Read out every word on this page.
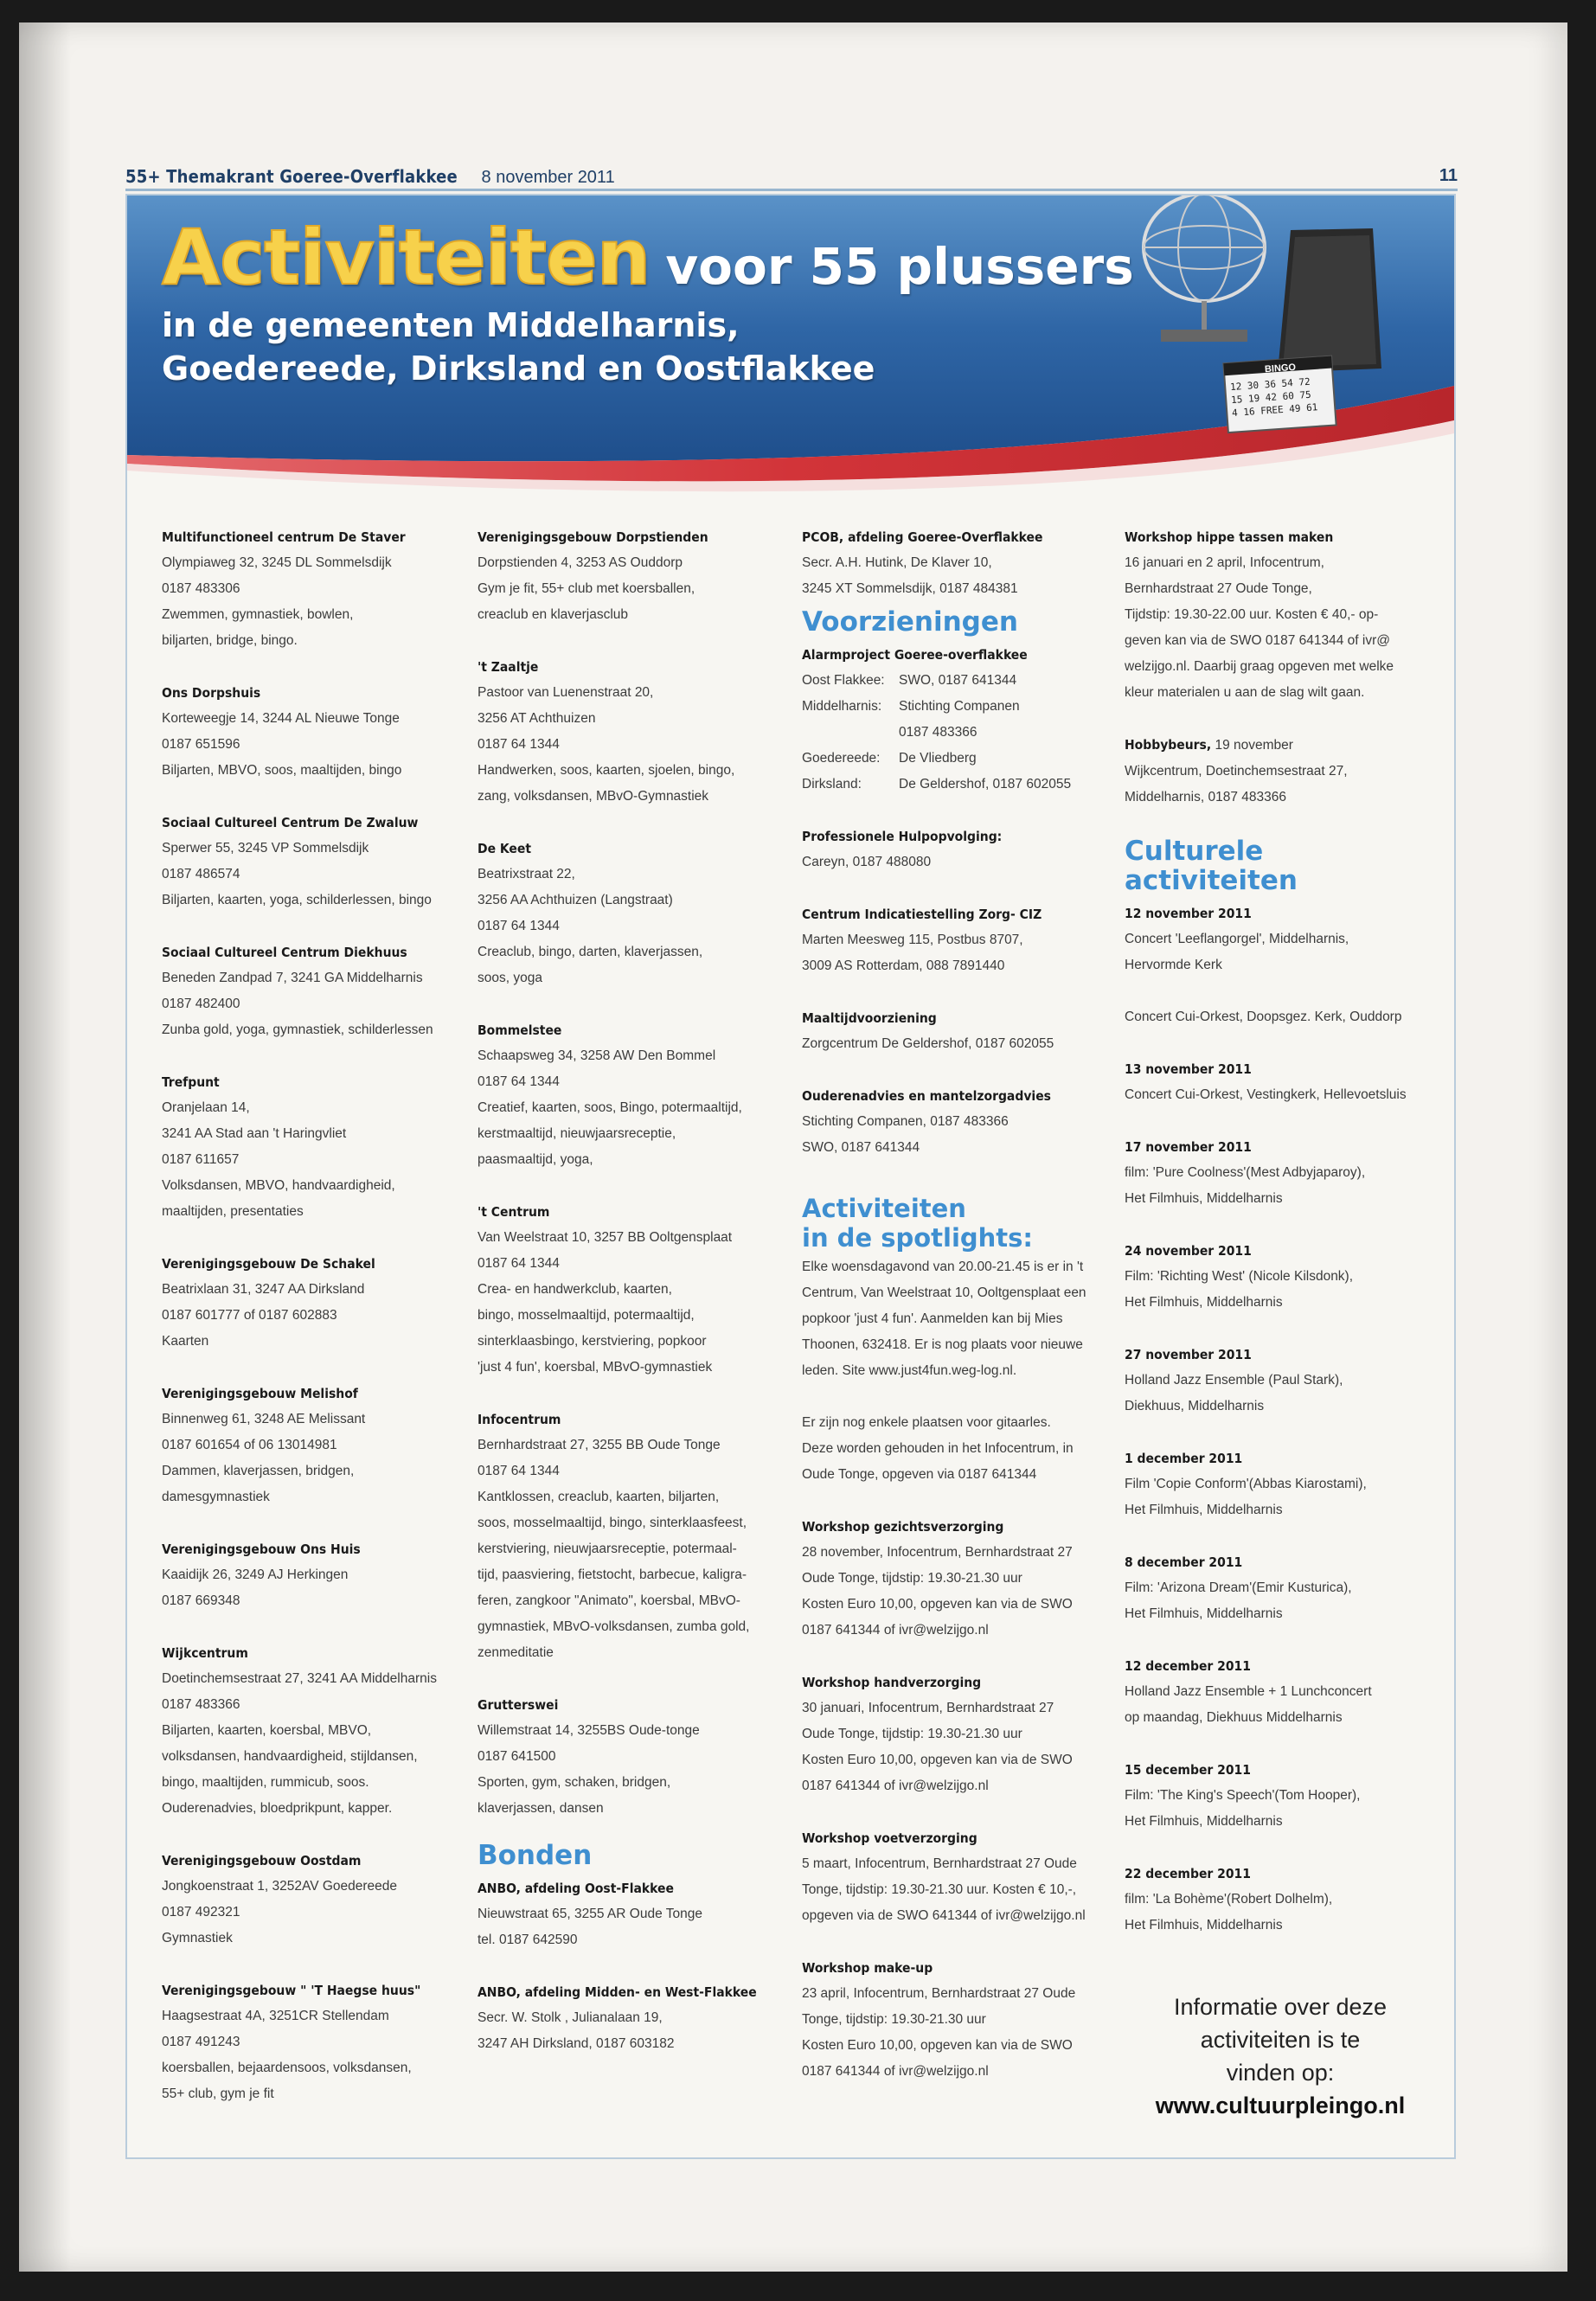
55+ Themakrant Goeree-Overflakkee 8 november 2011	11
Activiteiten voor 55 plussers
in de gemeenten Middelharnis,
Goedereede, Dirksland en Oostflakkee	BINGO
12 30 36 54 72
15 19 42 60 75
4 16 FREE 49 61
Multifunctioneel centrum De Staver
Olympiaweg 32, 3245 DL Sommelsdijk
0187 483306
Zwemmen, gymnastiek, bowlen,
biljarten, bridge, bingo.
Ons Dorpshuis
Korteweegje 14, 3244 AL Nieuwe Tonge
0187 651596
Biljarten, MBVO, soos, maaltijden, bingo
Sociaal Cultureel Centrum De Zwaluw
Sperwer 55, 3245 VP Sommelsdijk
0187 486574
Biljarten, kaarten, yoga, schilderlessen, bingo
Sociaal Cultureel Centrum Diekhuus
Beneden Zandpad 7, 3241 GA Middelharnis
0187 482400
Zunba gold, yoga, gymnastiek, schilderlessen
Trefpunt
Oranjelaan 14,
3241 AA Stad aan 't Haringvliet
0187 611657
Volksdansen, MBVO, handvaardigheid,
maaltijden, presentaties
Verenigingsgebouw De Schakel
Beatrixlaan 31, 3247 AA Dirksland
0187 601777 of 0187 602883
Kaarten
Verenigingsgebouw Melishof
Binnenweg 61, 3248 AE Melissant
0187 601654 of 06 13014981
Dammen, klaverjassen, bridgen,
damesgymnastiek
Verenigingsgebouw Ons Huis
Kaaidijk 26, 3249 AJ Herkingen
0187 669348
Wijkcentrum
Doetinchemsestraat 27, 3241 AA Middelharnis
0187 483366
Biljarten, kaarten, koersbal, MBVO,
volksdansen, handvaardigheid, stijldansen,
bingo, maaltijden, rummicub, soos.
Ouderenadvies, bloedprikpunt, kapper.
Verenigingsgebouw Oostdam
Jongkoenstraat 1, 3252AV Goedereede
0187 492321
Gymnastiek
Verenigingsgebouw " 'T Haegse huus"
Haagsestraat 4A, 3251CR Stellendam
0187 491243
koersballen, bejaardensoos, volksdansen,
55+ club, gym je fit
Verenigingsgebouw Dorpstienden
Dorpstienden 4, 3253 AS Ouddorp
Gym je fit, 55+ club met koersballen,
creaclub en klaverjasclub
't Zaaltje
Pastoor van Luenenstraat 20,
3256 AT Achthuizen
0187 64 1344
Handwerken, soos, kaarten, sjoelen, bingo,
zang, volksdansen, MBvO-Gymnastiek
De Keet
Beatrixstraat 22,
3256 AA Achthuizen (Langstraat)
0187 64 1344
Creaclub, bingo, darten, klaverjassen,
soos, yoga
Bommelstee
Schaapsweg 34, 3258 AW Den Bommel
0187 64 1344
Creatief, kaarten, soos, Bingo, potermaaltijd,
kerstmaaltijd, nieuwjaarsreceptie,
paasmaaltijd, yoga,
't Centrum
Van Weelstraat 10, 3257 BB Ooltgensplaat
0187 64 1344
Crea- en handwerkclub, kaarten,
bingo, mosselmaaltijd, potermaaltijd,
sinterklaasbingo, kerstviering, popkoor
'just 4 fun', koersbal, MBvO-gymnastiek
Infocentrum
Bernhardstraat 27, 3255 BB Oude Tonge
0187 64 1344
Kantklossen, creaclub, kaarten, biljarten,
soos, mosselmaaltijd, bingo, sinterklaasfeest,
kerstviering, nieuwjaarsreceptie, potermaal-
tijd, paasviering, fietstocht, barbecue, kaligra-
feren, zangkoor "Animato", koersbal, MBvO-
gymnastiek, MBvO-volksdansen, zumba gold,
zenmeditatie
Grutterswei
Willemstraat 14, 3255BS Oude-tonge
0187 641500
Sporten, gym, schaken, bridgen,
klaverjassen, dansen
Bonden
ANBO, afdeling Oost-Flakkee
Nieuwstraat 65, 3255 AR Oude Tonge
tel. 0187 642590
ANBO, afdeling Midden- en West-Flakkee
Secr. W. Stolk , Julianalaan 19,
3247 AH Dirksland, 0187 603182
PCOB, afdeling Goeree-Overflakkee
Secr. A.H. Hutink, De Klaver 10,
3245 XT Sommelsdijk, 0187 484381
Voorzieningen
Alarmproject Goeree-overflakkee
Oost Flakkee: SWO, 0187 641344
Middelharnis: Stichting Companen
0187 483366
Goedereede: De Vliedberg
Dirksland:	De Geldershof, 0187 602055
Professionele Hulpopvolging:
Careyn, 0187 488080
Centrum Indicatiestelling Zorg- CIZ
Marten Meesweg 115, Postbus 8707,
3009 AS Rotterdam, 088 7891440
Maaltijdvoorziening
Zorgcentrum De Geldershof, 0187 602055
Ouderenadvies en mantelzorgadvies
Stichting Companen, 0187 483366
SWO, 0187 641344
Activiteiten
in de spotlights:
Elke woensdagavond van 20.00-21.45 is er in 't
Centrum, Van Weelstraat 10, Ooltgensplaat een
popkoor 'just 4 fun'. Aanmelden kan bij Mies
Thoonen, 632418. Er is nog plaats voor nieuwe
leden. Site www.just4fun.weg-log.nl.
Er zijn nog enkele plaatsen voor gitaarles.
Deze worden gehouden in het Infocentrum, in
Oude Tonge, opgeven via 0187 641344
Workshop gezichtsverzorging
28 november, Infocentrum, Bernhardstraat 27
Oude Tonge, tijdstip: 19.30-21.30 uur
Kosten Euro 10,00, opgeven kan via de SWO
0187 641344 of ivr@welzijgo.nl
Workshop handverzorging
30 januari, Infocentrum, Bernhardstraat 27
Oude Tonge, tijdstip: 19.30-21.30 uur
Kosten Euro 10,00, opgeven kan via de SWO
0187 641344 of ivr@welzijgo.nl
Workshop voetverzorging
5 maart, Infocentrum, Bernhardstraat 27 Oude
Tonge, tijdstip: 19.30-21.30 uur. Kosten € 10,-,
opgeven via de SWO 641344 of ivr@welzijgo.nl
Workshop make-up
23 april, Infocentrum, Bernhardstraat 27 Oude
Tonge, tijdstip: 19.30-21.30 uur
Kosten Euro 10,00, opgeven kan via de SWO
0187 641344 of ivr@welzijgo.nl
Workshop hippe tassen maken
16 januari en 2 april, Infocentrum,
Bernhardstraat 27 Oude Tonge,
Tijdstip: 19.30-22.00 uur. Kosten € 40,- op-
geven kan via de SWO 0187 641344 of ivr@
welzijgo.nl. Daarbij graag opgeven met welke
kleur materialen u aan de slag wilt gaan.
Hobbybeurs, 19 november
Wijkcentrum, Doetinchemsestraat 27,
Middelharnis, 0187 483366
Culturele activiteiten
12 november 2011
Concert 'Leeflangorgel', Middelharnis,
Hervormde Kerk
Concert Cui-Orkest, Doopsgez. Kerk, Ouddorp
13 november 2011
Concert Cui-Orkest, Vestingkerk, Hellevoetsluis
17 november 2011
film: 'Pure Coolness'(Mest Adbyjaparoy),
Het Filmhuis, Middelharnis
24 november 2011
Film: 'Richting West' (Nicole Kilsdonk),
Het Filmhuis, Middelharnis
27 november 2011
Holland Jazz Ensemble (Paul Stark),
Diekhuus, Middelharnis
1 december 2011
Film 'Copie Conform'(Abbas Kiarostami),
Het Filmhuis, Middelharnis
8 december 2011
Film: 'Arizona Dream'(Emir Kusturica),
Het Filmhuis, Middelharnis
12 december 2011
Holland Jazz Ensemble + 1 Lunchconcert
op maandag, Diekhuus Middelharnis
15 december 2011
Film: 'The King's Speech'(Tom Hooper),
Het Filmhuis, Middelharnis
22 december 2011
film: 'La Bohème'(Robert Dolhelm),
Het Filmhuis, Middelharnis
Informatie over deze
activiteiten is te
vinden op:
www.cultuurpleingo.nl
